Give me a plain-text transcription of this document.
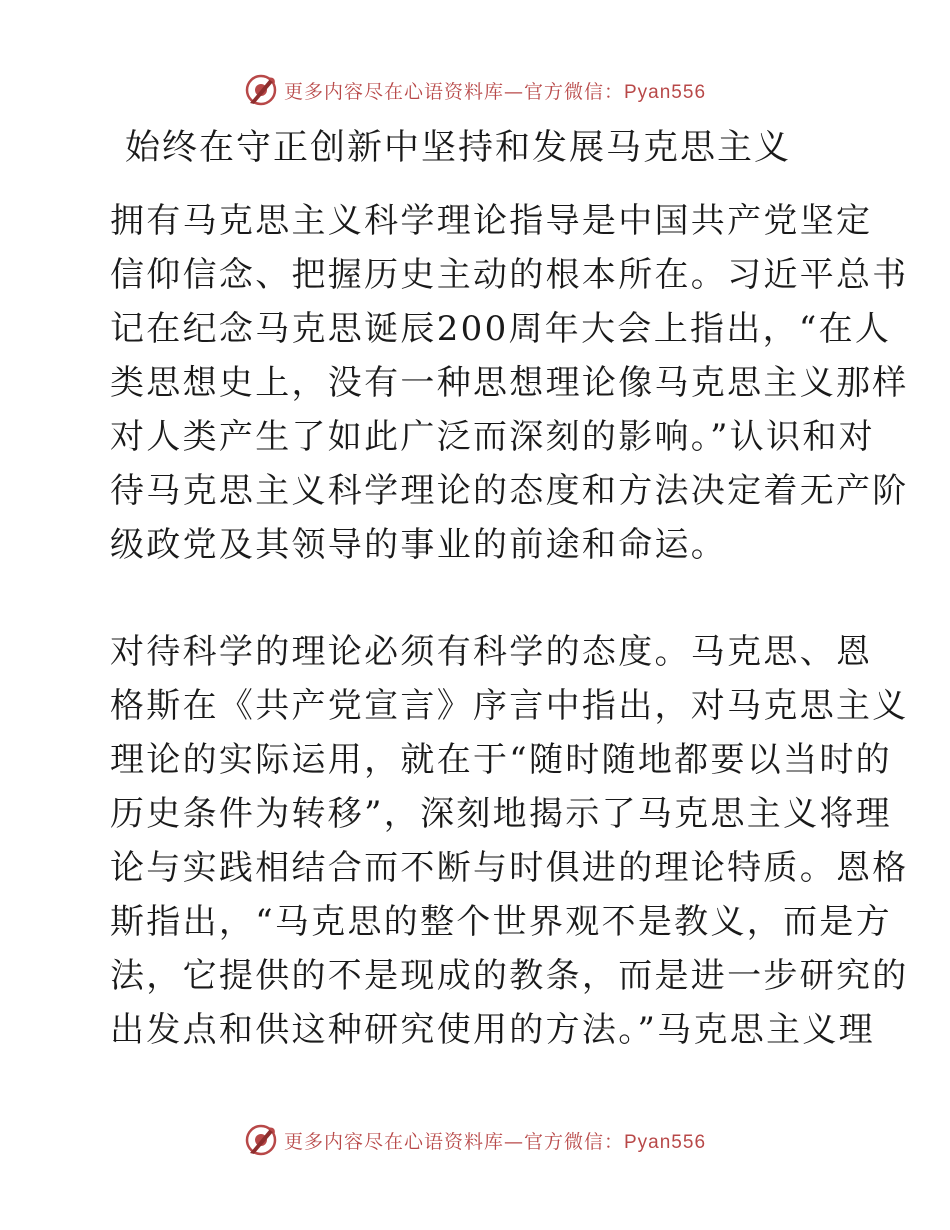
更多内容尽在心语资料库—官方微信：Pyan556
始终在守正创新中坚持和发展马克思主义

拥有马克思主义科学理论指导是中国共产党坚定
信仰信念、把握历史主动的根本所在。习近平总书
记在纪念马克思诞辰200周年大会上指出，“在人
类思想史上，没有一种思想理论像马克思主义那样
对人类产生了如此广泛而深刻的影响。”认识和对
待马克思主义科学理论的态度和方法决定着无产阶
级政党及其领导的事业的前途和命运。

对待科学的理论必须有科学的态度。马克思、恩
格斯在《共产党宣言》序言中指出，对马克思主义
理论的实际运用，就在于“随时随地都要以当时的
历史条件为转移”，深刻地揭示了马克思主义将理
论与实践相结合而不断与时俱进的理论特质。恩格
斯指出，“马克思的整个世界观不是教义，而是方
法，它提供的不是现成的教条，而是进一步研究的
出发点和供这种研究使用的方法。”马克思主义理

更多内容尽在心语资料库—官方微信：Pyan556
